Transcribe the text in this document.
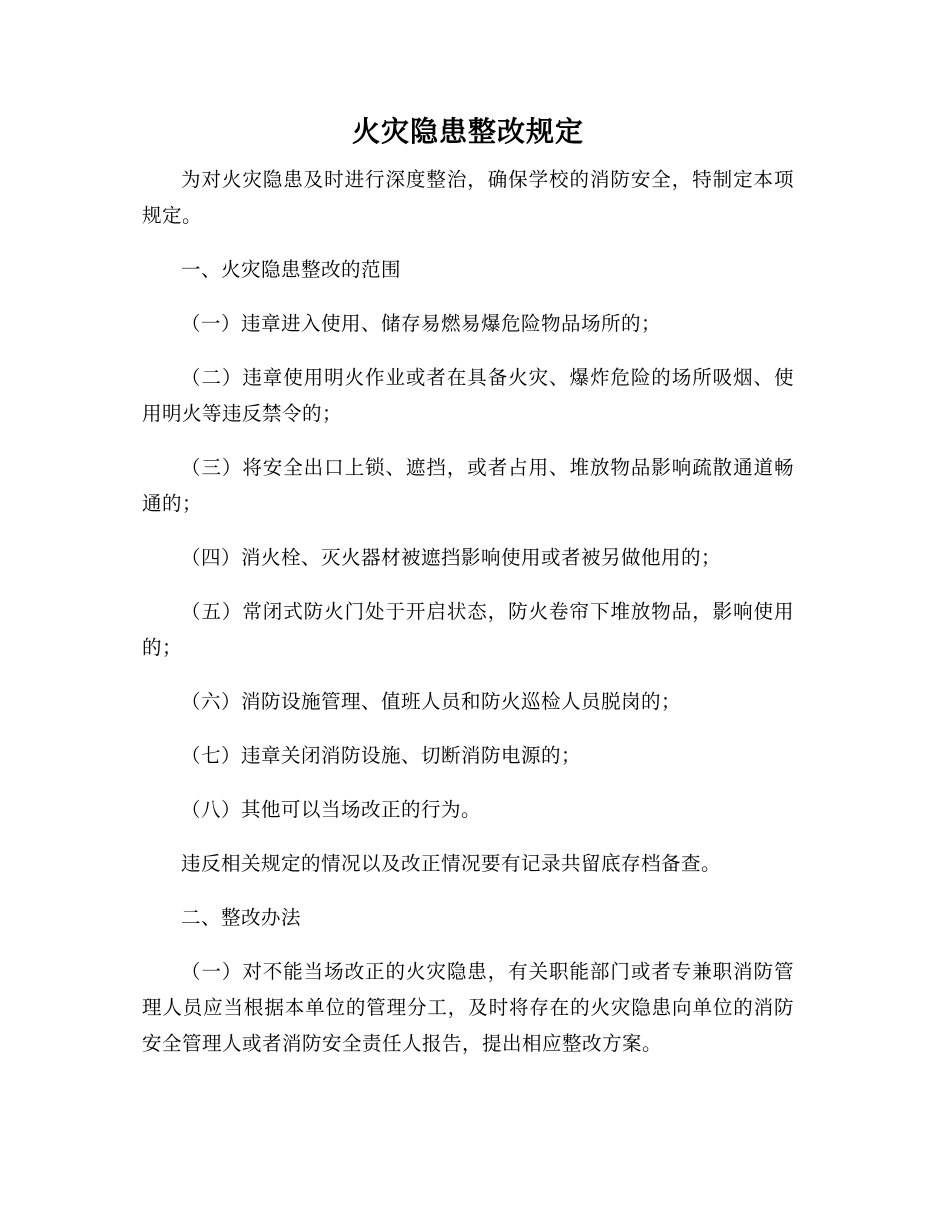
火灾隐患整改规定

为对火灾隐患及时进行深度整治，确保学校的消防安全，特制定本项规定。

一、火灾隐患整改的范围

（一）违章进入使用、储存易燃易爆危险物品场所的；

（二）违章使用明火作业或者在具备火灾、爆炸危险的场所吸烟、使用明火等违反禁令的；

（三）将安全出口上锁、遮挡，或者占用、堆放物品影响疏散通道畅通的；

（四）消火栓、灭火器材被遮挡影响使用或者被另做他用的；

（五）常闭式防火门处于开启状态，防火卷帘下堆放物品，影响使用的；

（六）消防设施管理、值班人员和防火巡检人员脱岗的；

（七）违章关闭消防设施、切断消防电源的；

（八）其他可以当场改正的行为。

违反相关规定的情况以及改正情况要有记录共留底存档备查。

二、整改办法

（一）对不能当场改正的火灾隐患，有关职能部门或者专兼职消防管理人员应当根据本单位的管理分工，及时将存在的火灾隐患向单位的消防安全管理人或者消防安全责任人报告，提出相应整改方案。
